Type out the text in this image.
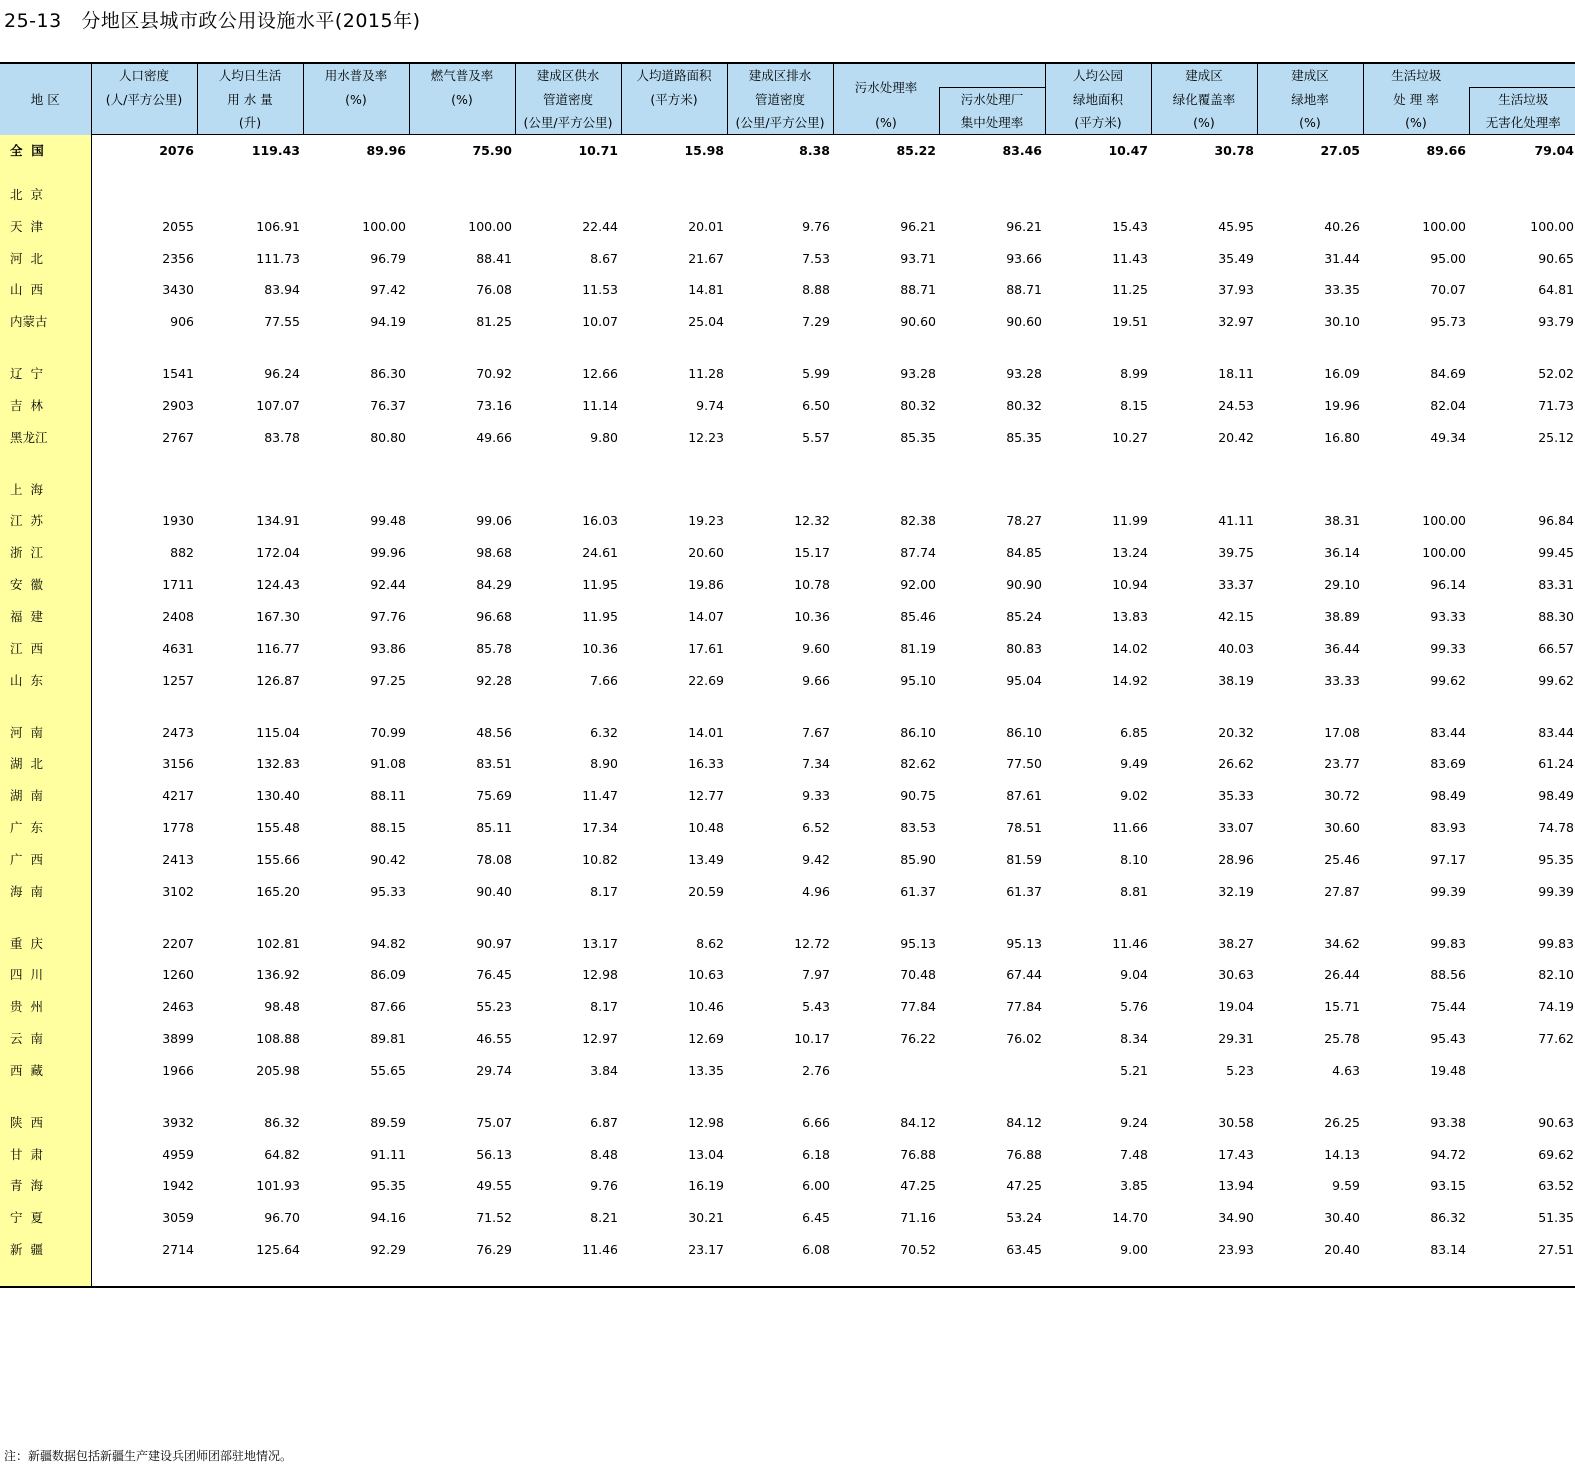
25-13   分地区县城市政公用设施水平(2015年)
地 区	人口密度	人均日生活	用水普及率	燃气普及率	建成区供水	人均道路面积	建成区排水	污水处理率		人均公园	建成区	建成区	生活垃圾	
	(人/平方公里)	用 水 量	(%)	(%)	管道密度	(平方米)	管道密度		污水处理厂	绿地面积	绿化覆盖率	绿地率	处 理 率	生活垃圾
		(升)			(公里/平方公里)		(公里/平方公里)	(%)	集中处理率	(平方米)	(%)	(%)	(%)	无害化处理率
全  国	2076	119.43	89.96	75.90	10.71	15.98	8.38	85.22	83.46	10.47	30.78	27.05	89.66	79.04

北  京														
天  津	2055	106.91	100.00	100.00	22.44	20.01	9.76	96.21	96.21	15.43	45.95	40.26	100.00	100.00
河  北	2356	111.73	96.79	88.41	8.67	21.67	7.53	93.71	93.66	11.43	35.49	31.44	95.00	90.65
山  西	3430	83.94	97.42	76.08	11.53	14.81	8.88	88.71	88.71	11.25	37.93	33.35	70.07	64.81
内蒙古	906	77.55	94.19	81.25	10.07	25.04	7.29	90.60	90.60	19.51	32.97	30.10	95.73	93.79

辽  宁	1541	96.24	86.30	70.92	12.66	11.28	5.99	93.28	93.28	8.99	18.11	16.09	84.69	52.02
吉  林	2903	107.07	76.37	73.16	11.14	9.74	6.50	80.32	80.32	8.15	24.53	19.96	82.04	71.73
黑龙江	2767	83.78	80.80	49.66	9.80	12.23	5.57	85.35	85.35	10.27	20.42	16.80	49.34	25.12

上  海														
江  苏	1930	134.91	99.48	99.06	16.03	19.23	12.32	82.38	78.27	11.99	41.11	38.31	100.00	96.84
浙  江	882	172.04	99.96	98.68	24.61	20.60	15.17	87.74	84.85	13.24	39.75	36.14	100.00	99.45
安  徽	1711	124.43	92.44	84.29	11.95	19.86	10.78	92.00	90.90	10.94	33.37	29.10	96.14	83.31
福  建	2408	167.30	97.76	96.68	11.95	14.07	10.36	85.46	85.24	13.83	42.15	38.89	93.33	88.30
江  西	4631	116.77	93.86	85.78	10.36	17.61	9.60	81.19	80.83	14.02	40.03	36.44	99.33	66.57
山  东	1257	126.87	97.25	92.28	7.66	22.69	9.66	95.10	95.04	14.92	38.19	33.33	99.62	99.62

河  南	2473	115.04	70.99	48.56	6.32	14.01	7.67	86.10	86.10	6.85	20.32	17.08	83.44	83.44
湖  北	3156	132.83	91.08	83.51	8.90	16.33	7.34	82.62	77.50	9.49	26.62	23.77	83.69	61.24
湖  南	4217	130.40	88.11	75.69	11.47	12.77	9.33	90.75	87.61	9.02	35.33	30.72	98.49	98.49
广  东	1778	155.48	88.15	85.11	17.34	10.48	6.52	83.53	78.51	11.66	33.07	30.60	83.93	74.78
广  西	2413	155.66	90.42	78.08	10.82	13.49	9.42	85.90	81.59	8.10	28.96	25.46	97.17	95.35
海  南	3102	165.20	95.33	90.40	8.17	20.59	4.96	61.37	61.37	8.81	32.19	27.87	99.39	99.39

重  庆	2207	102.81	94.82	90.97	13.17	8.62	12.72	95.13	95.13	11.46	38.27	34.62	99.83	99.83
四  川	1260	136.92	86.09	76.45	12.98	10.63	7.97	70.48	67.44	9.04	30.63	26.44	88.56	82.10
贵  州	2463	98.48	87.66	55.23	8.17	10.46	5.43	77.84	77.84	5.76	19.04	15.71	75.44	74.19
云  南	3899	108.88	89.81	46.55	12.97	12.69	10.17	76.22	76.02	8.34	29.31	25.78	95.43	77.62
西  藏	1966	205.98	55.65	29.74	3.84	13.35	2.76			5.21	5.23	4.63	19.48	

陕  西	3932	86.32	89.59	75.07	6.87	12.98	6.66	84.12	84.12	9.24	30.58	26.25	93.38	90.63
甘  肃	4959	64.82	91.11	56.13	8.48	13.04	6.18	76.88	76.88	7.48	17.43	14.13	94.72	69.62
青  海	1942	101.93	95.35	49.55	9.76	16.19	6.00	47.25	47.25	3.85	13.94	9.59	93.15	63.52
宁  夏	3059	96.70	94.16	71.52	8.21	30.21	6.45	71.16	53.24	14.70	34.90	30.40	86.32	51.35
新  疆	2714	125.64	92.29	76.29	11.46	23.17	6.08	70.52	63.45	9.00	23.93	20.40	83.14	27.51

注：新疆数据包括新疆生产建设兵团师团部驻地情况。
